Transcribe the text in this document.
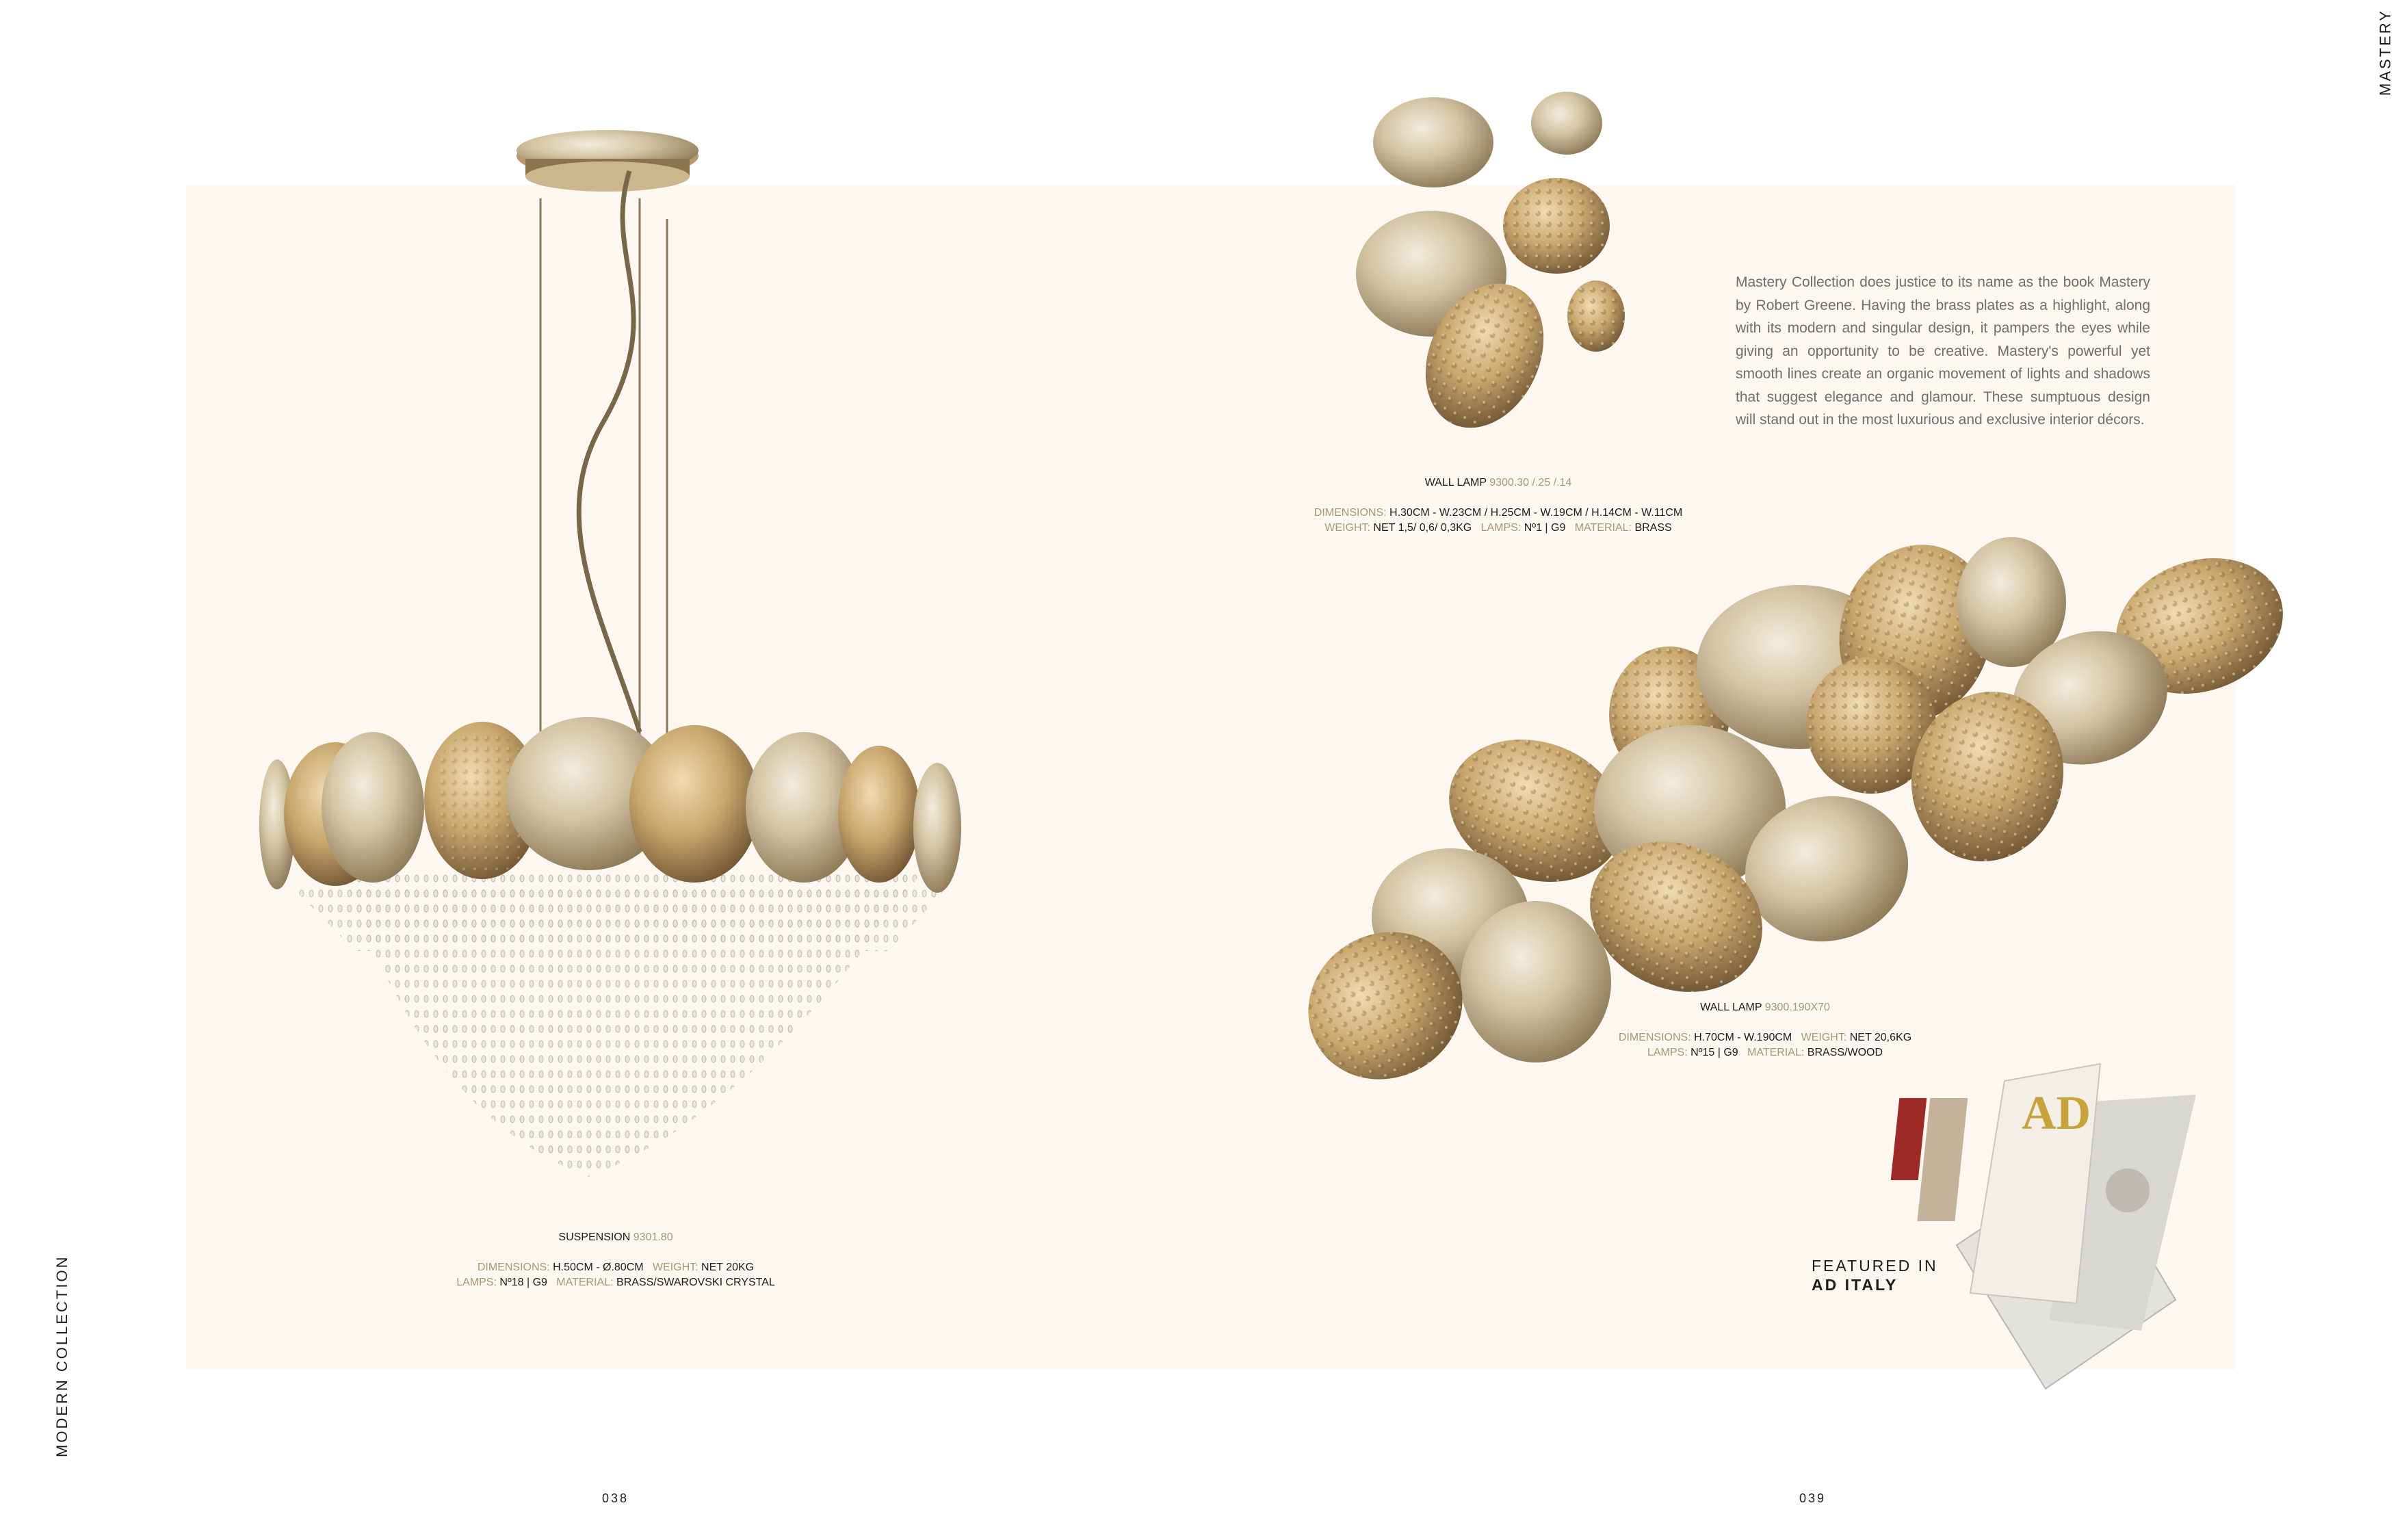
AD
MODERN COLLECTION
MASTERY
Mastery Collection does justice to its name as the book Mastery by Robert Greene. Having the brass plates as a highlight, along with its modern and singular design, it pampers the eyes while giving an opportunity to be creative. Mastery's powerful yet smooth lines create an organic movement of lights and shadows that suggest elegance and glamour. These sumptuous design will stand out in the most luxurious and exclusive interior décors.
WALL LAMP 9300.30 /.25 /.14
DIMENSIONS: H.30CM - W.23CM / H.25CM - W.19CM / H.14CM - W.11CM
WEIGHT: NET 1,5/ 0,6/ 0,3KG LAMPS: Nº1 | G9 MATERIAL: BRASS
WALL LAMP 9300.190X70
DIMENSIONS: H.70CM - W.190CM WEIGHT: NET 20,6KG
LAMPS: Nº15 | G9 MATERIAL: BRASS/WOOD
SUSPENSION 9301.80
DIMENSIONS: H.50CM - Ø.80CM WEIGHT: NET 20KG
LAMPS: Nº18 | G9 MATERIAL: BRASS/SWAROVSKI CRYSTAL
FEATURED IN
AD ITALY
038	039
